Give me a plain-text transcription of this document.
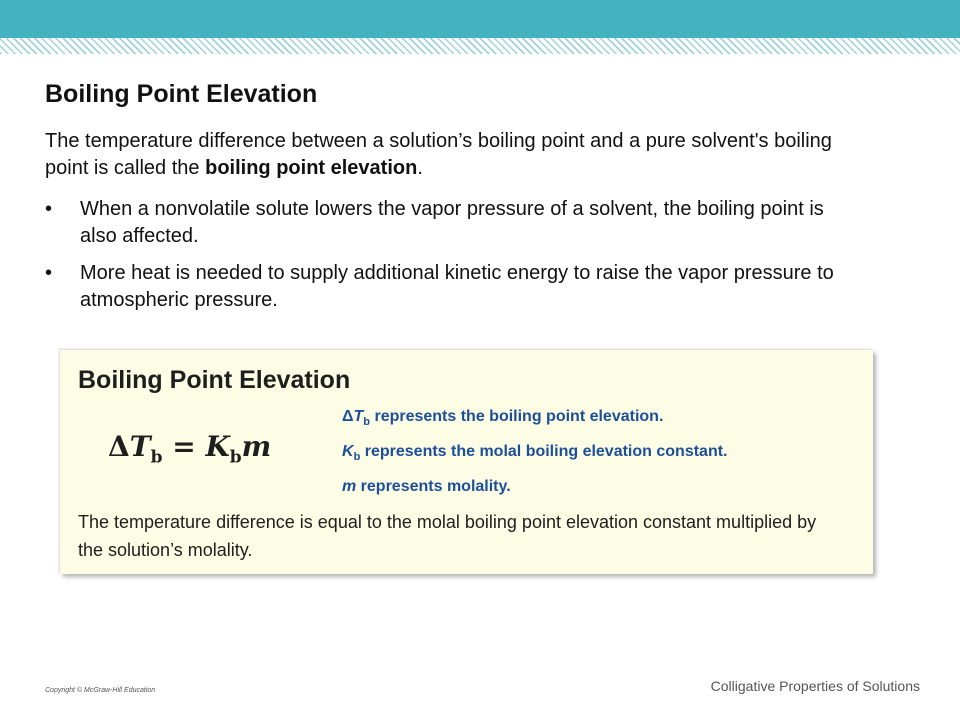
Boiling Point Elevation

The temperature difference between a solution’s boiling point and a pure solvent's boiling point is called the boiling point elevation.

• When a nonvolatile solute lowers the vapor pressure of a solvent, the boiling point is also affected.
• More heat is needed to supply additional kinetic energy to raise the vapor pressure to atmospheric pressure.
Boiling Point Elevation
$\Delta T_b = K_bm$
$\Delta T_b$ represents the boiling point elevation.
$K_b$ represents the molal boiling elevation constant.
m represents molality.
The temperature difference is equal to the molal boiling point elevation constant multiplied by the solution’s molality.
Copyright © McGraw-Hill Education	Colligative Properties of Solutions
